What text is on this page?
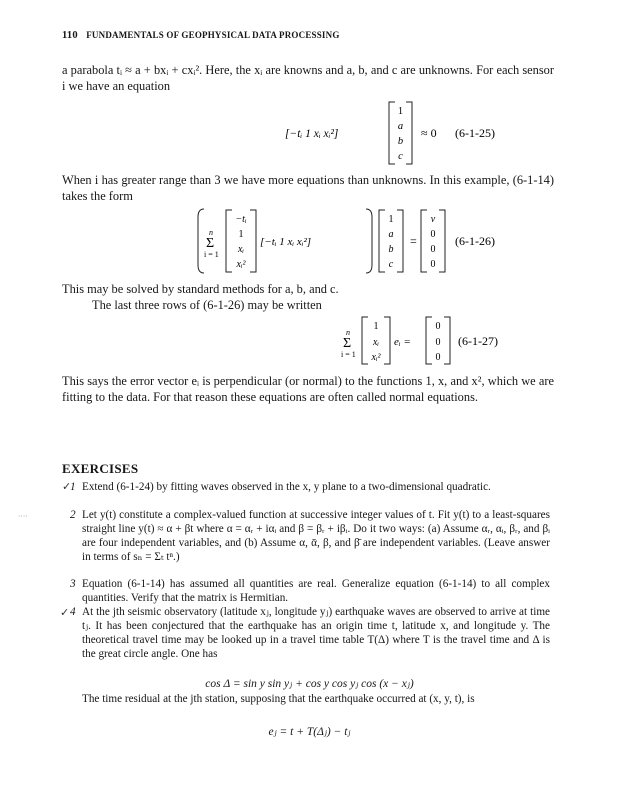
110 FUNDAMENTALS OF GEOPHYSICAL DATA PROCESSING
a parabola tᵢ ≈ a + bxᵢ + cxᵢ². Here, the xᵢ are knowns and a, b, and c are unknowns. For each sensor i we have an equation
[−tᵢ 1 xᵢ xᵢ²]
1
a
b
c
≈ 0 (6-1-25)
When i has greater range than 3 we have more equations than unknowns. In this example, (6-1-14) takes the form
n
Σ
i = 1
−tᵢ
1
xᵢ
xᵢ²
[−tᵢ 1 xᵢ xᵢ²]
1
a
b
c
=
v
0
0
0
(6-1-26)
This may be solved by standard methods for a, b, and c.
The last three rows of (6-1-26) may be written
n
Σ
i = 1
1
xᵢ
xᵢ²
eᵢ =
0
0
0
(6-1-27)
This says the error vector eᵢ is perpendicular (or normal) to the functions 1, x, and x², which we are fitting to the data. For that reason these equations are often called normal equations.
EXERCISES
1 Extend (6-1-24) by fitting waves observed in the x, y plane to a two-dimensional quadratic.
✓
⸱⸱⸱⸱	2 Let y(t) constitute a complex-valued function at successive integer values of t. Fit y(t) to a least-squares straight line y(t) ≈ α + βt where α = αᵣ + iαᵢ and β = βᵣ + iβᵢ. Do it two ways: (a) Assume αᵣ, αᵢ, βᵣ, and βᵢ are four independent variables, and (b) Assume α, ᾱ, β, and β̄ are independent variables. (Leave answer in terms of sₙ = Σₜ tⁿ.)
3 Equation (6-1-14) has assumed all quantities are real. Generalize equation (6-1-14) to all complex quantities. Verify that the matrix is Hermitian.
✓ 4 At the jth seismic observatory (latitude xⱼ, longitude yⱼ) earthquake waves are observed to arrive at time tⱼ. It has been conjectured that the earthquake has an origin time t, latitude x, and longitude y. The theoretical travel time may be looked up in a travel time table T(Δ) where T is the travel time and Δ is the great circle angle. One has
cos Δ = sin y sin yⱼ + cos y cos yⱼ cos (x − xⱼ)
The time residual at the jth station, supposing that the earthquake occurred at (x, y, t), is
eⱼ = t + T(Δⱼ) − tⱼ
